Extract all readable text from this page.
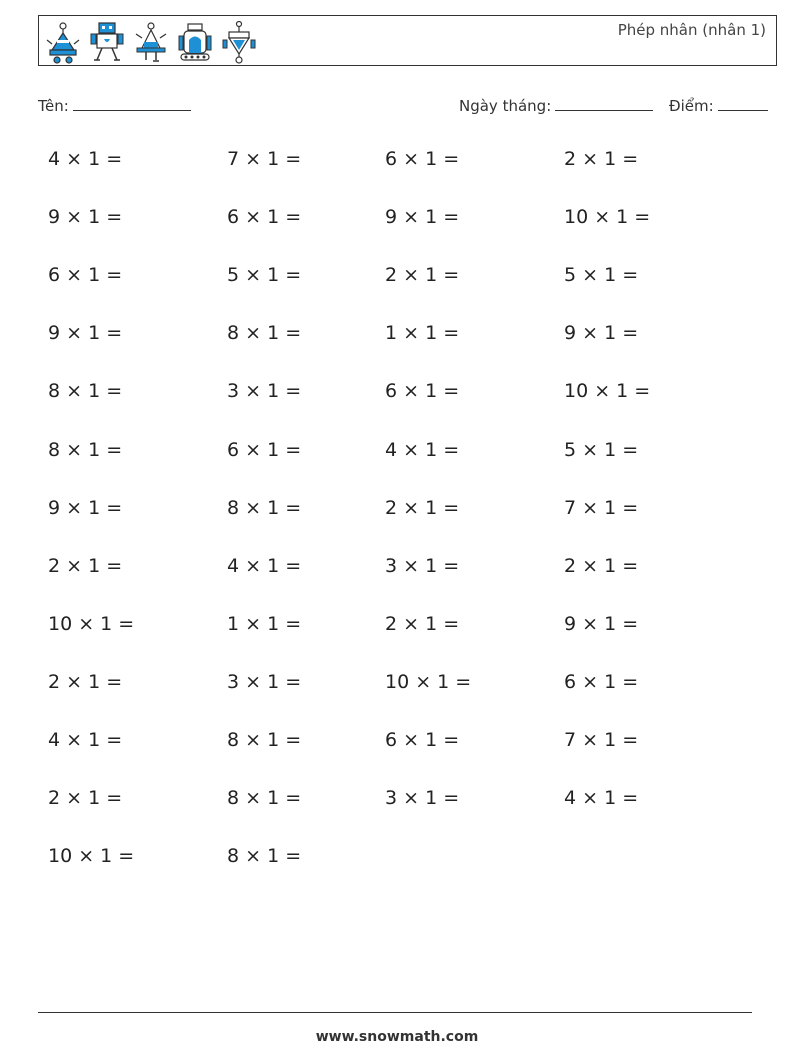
Phép nhân (nhân 1)
Tên:	Ngày tháng:	Điểm:
4 × 1 =	7 × 1 =	6 × 1 =	2 × 1 =
9 × 1 =	6 × 1 =	9 × 1 =	10 × 1 =
6 × 1 =	5 × 1 =	2 × 1 =	5 × 1 =
9 × 1 =	8 × 1 =	1 × 1 =	9 × 1 =
8 × 1 =	3 × 1 =	6 × 1 =	10 × 1 =
8 × 1 =	6 × 1 =	4 × 1 =	5 × 1 =
9 × 1 =	8 × 1 =	2 × 1 =	7 × 1 =
2 × 1 =	4 × 1 =	3 × 1 =	2 × 1 =
10 × 1 =	1 × 1 =	2 × 1 =	9 × 1 =
2 × 1 =	3 × 1 =	10 × 1 =	6 × 1 =
4 × 1 =	8 × 1 =	6 × 1 =	7 × 1 =
2 × 1 =	8 × 1 =	3 × 1 =	4 × 1 =
10 × 1 =	8 × 1 =
www.snowmath.com
